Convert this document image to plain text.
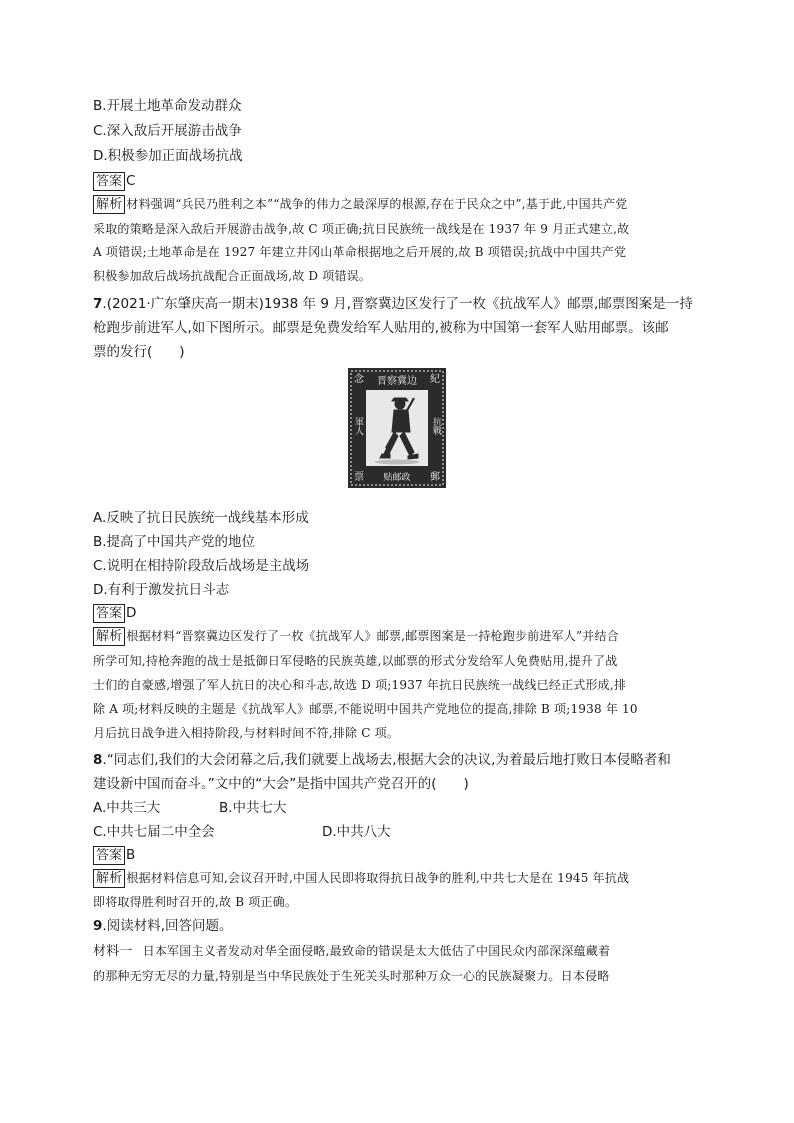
B.开展土地革命发动群众
C.深入敌后开展游击战争
D.积极参加正面战场抗战
答案 C
解析 材料强调“兵民乃胜利之本”“战争的伟力之最深厚的根源,存在于民众之中”,基于此,中国共产党
采取的策略是深入敌后开展游击战争,故 C 项正确;抗日民族统一战线是在 1937 年 9 月正式建立,故
A 项错误;土地革命是在 1927 年建立井冈山革命根据地之后开展的,故 B 项错误;抗战中中国共产党
积极参加敌后战场抗战配合正面战场,故 D 项错误。
7.(2021·广东肇庆高一期末)1938 年 9 月,晋察冀边区发行了一枚《抗战军人》邮票,邮票图案是一持
枪跑步前进军人,如下图所示。邮票是免费发给军人贴用的,被称为中国第一套军人贴用邮票。该邮
票的发行(　　)
念	紀
晋察冀边
軍人	抗戰
票	郵
贴邮政
A.反映了抗日民族统一战线基本形成
B.提高了中国共产党的地位
C.说明在相持阶段敌后战场是主战场
D.有利于激发抗日斗志
答案 D
解析 根据材料“晋察冀边区发行了一枚《抗战军人》邮票,邮票图案是一持枪跑步前进军人”并结合
所学可知,持枪奔跑的战士是抵御日军侵略的民族英雄,以邮票的形式分发给军人免费贴用,提升了战
士们的自豪感,增强了军人抗日的决心和斗志,故选 D 项;1937 年抗日民族统一战线已经正式形成,排
除 A 项;材料反映的主题是《抗战军人》邮票,不能说明中国共产党地位的提高,排除 B 项;1938 年 10
月后抗日战争进入相持阶段,与材料时间不符,排除 C 项。
8.“同志们,我们的大会闭幕之后,我们就要上战场去,根据大会的决议,为着最后地打败日本侵略者和
建设新中国而奋斗。”文中的“大会”是指中国共产党召开的(　　)
A.中共三大	B.中共七大
C.中共七届二中全会	D.中共八大
答案 B
解析 根据材料信息可知,会议召开时,中国人民即将取得抗日战争的胜利,中共七大是在 1945 年抗战
即将取得胜利时召开的,故 B 项正确。
9.阅读材料,回答问题。
材料一 日本军国主义者发动对华全面侵略,最致命的错误是太大低估了中国民众内部深深蕴藏着
的那种无穷无尽的力量,特别是当中华民族处于生死关头时那种万众一心的民族凝聚力。日本侵略
